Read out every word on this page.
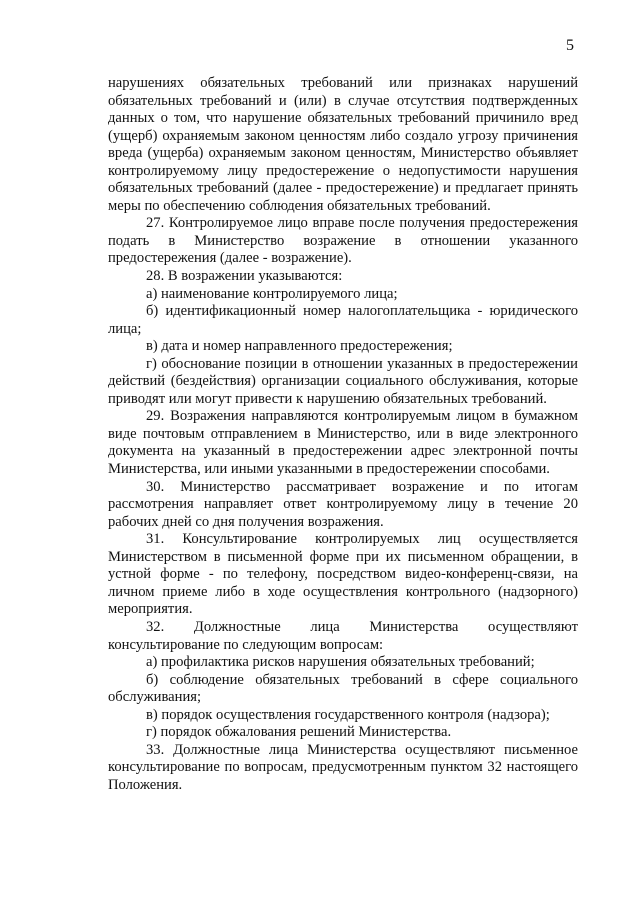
5

нарушениях обязательных требований или признаках нарушений обязательных требований и (или) в случае отсутствия подтвержденных данных о том, что нарушение обязательных требований причинило вред (ущерб) охраняемым законом ценностям либо создало угрозу причинения вреда (ущерба) охраняемым законом ценностям, Министерство объявляет контролируемому лицу предостережение о недопустимости нарушения обязательных требований (далее - предостережение) и предлагает принять меры по обеспечению соблюдения обязательных требований.

27. Контролируемое лицо вправе после получения предостережения подать в Министерство возражение в отношении указанного предостережения (далее - возражение).

28. В возражении указываются:

а) наименование контролируемого лица;

б) идентификационный номер налогоплательщика - юридического лица;

в) дата и номер направленного предостережения;

г) обоснование позиции в отношении указанных в предостережении действий (бездействия) организации социального обслуживания, которые приводят или могут привести к нарушению обязательных требований.

29. Возражения направляются контролируемым лицом в бумажном виде почтовым отправлением в Министерство, или в виде электронного документа на указанный в предостережении адрес электронной почты Министерства, или иными указанными в предостережении способами.

30. Министерство рассматривает возражение и по итогам рассмотрения направляет ответ контролируемому лицу в течение 20 рабочих дней со дня получения возражения.

31. Консультирование контролируемых лиц осуществляется Министерством в письменной форме при их письменном обращении, в устной форме - по телефону, посредством видео-конференц-связи, на личном приеме либо в ходе осуществления контрольного (надзорного) мероприятия.

32. Должностные лица Министерства осуществляют консультирование по следующим вопросам:

а) профилактика рисков нарушения обязательных требований;

б) соблюдение обязательных требований в сфере социального обслуживания;

в) порядок осуществления государственного контроля (надзора);

г) порядок обжалования решений Министерства.

33. Должностные лица Министерства осуществляют письменное консультирование по вопросам, предусмотренным пунктом 32 настоящего Положения.
